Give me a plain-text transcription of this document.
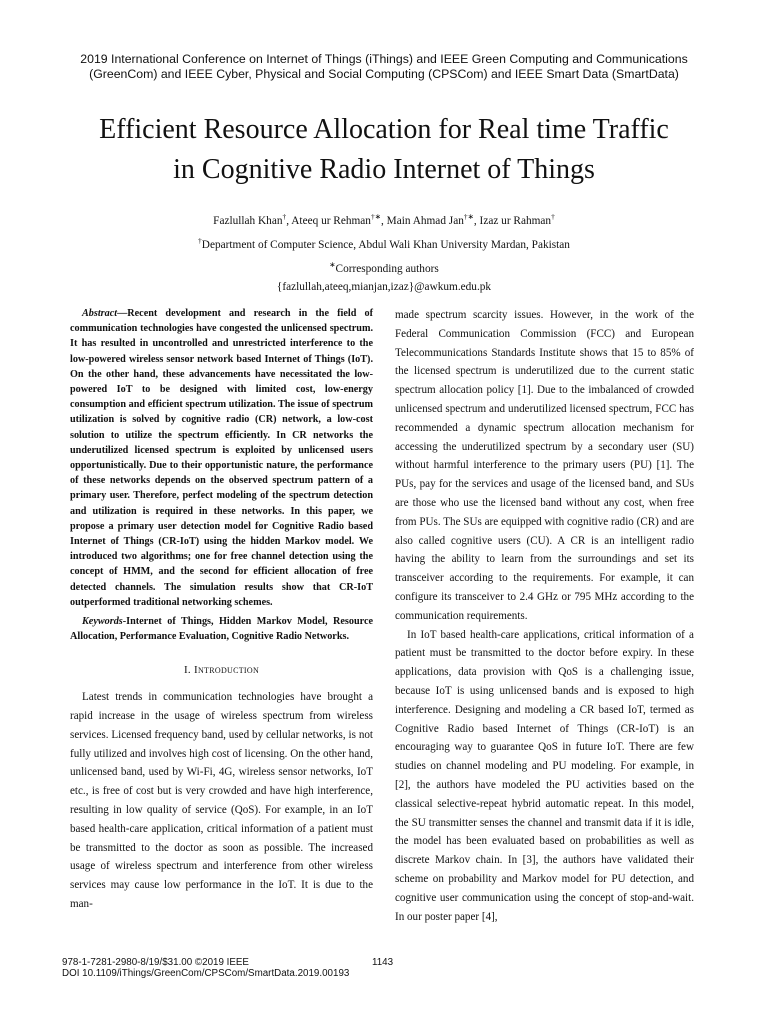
2019 International Conference on Internet of Things (iThings) and IEEE Green Computing and Communications
(GreenCom) and IEEE Cyber, Physical and Social Computing (CPSCom) and IEEE Smart Data (SmartData)
Efficient Resource Allocation for Real time Traffic
in Cognitive Radio Internet of Things
Fazlullah Khan†, Ateeq ur Rehman†∗, Main Ahmad Jan†∗, Izaz ur Rahman†
†Department of Computer Science, Abdul Wali Khan University Mardan, Pakistan
∗Corresponding authors
{fazlullah,ateeq,mianjan,izaz}@awkum.edu.pk

Abstract—Recent development and research in the field of communication technologies have congested the unlicensed spectrum. It has resulted in uncontrolled and unrestricted interference to the low-powered wireless sensor network based Internet of Things (IoT). On the other hand, these advancements have necessitated the low-powered IoT to be designed with limited cost, low-energy consumption and efficient spectrum utilization. The issue of spectrum utilization is solved by cognitive radio (CR) network, a low-cost solution to utilize the spectrum efficiently. In CR networks the underutilized licensed spectrum is exploited by unlicensed users opportunistically. Due to their opportunistic nature, the performance of these networks depends on the observed spectrum pattern of a primary user. Therefore, perfect modeling of the spectrum detection and utilization is required in these networks. In this paper, we propose a primary user detection model for Cognitive Radio based Internet of Things (CR-IoT) using the hidden Markov model. We introduced two algorithms; one for free channel detection using the concept of HMM, and the second for efficient allocation of free detected channels. The simulation results show that CR-IoT outperformed traditional networking schemes.

Keywords-Internet of Things, Hidden Markov Model, Resource Allocation, Performance Evaluation, Cognitive Radio Networks.

I. Introduction

Latest trends in communication technologies have brought a rapid increase in the usage of wireless spectrum from wireless services. Licensed frequency band, used by cellular networks, is not fully utilized and involves high cost of licensing. On the other hand, unlicensed band, used by Wi-Fi, 4G, wireless sensor networks, IoT etc., is free of cost but is very crowded and have high interference, resulting in low quality of service (QoS). For example, in an IoT based health-care application, critical information of a patient must be transmitted to the doctor as soon as possible. The increased usage of wireless spectrum and interference from other wireless services may cause low performance in the IoT. It is due to the man-

made spectrum scarcity issues. However, in the work of the Federal Communication Commission (FCC) and European Telecommunications Standards Institute shows that 15 to 85% of the licensed spectrum is underutilized due to the current static spectrum allocation policy [1]. Due to the imbalanced of crowded unlicensed spectrum and underutilized licensed spectrum, FCC has recommended a dynamic spectrum allocation mechanism for accessing the underutilized spectrum by a secondary user (SU) without harmful interference to the primary users (PU) [1]. The PUs, pay for the services and usage of the licensed band, and SUs are those who use the licensed band without any cost, when free from PUs. The SUs are equipped with cognitive radio (CR) and are also called cognitive users (CU). A CR is an intelligent radio having the ability to learn from the surroundings and set its transceiver according to the requirements. For example, it can configure its transceiver to 2.4 GHz or 795 MHz according to the communication requirements.

In IoT based health-care applications, critical information of a patient must be transmitted to the doctor before expiry. In these applications, data provision with QoS is a challenging issue, because IoT is using unlicensed bands and is exposed to high interference. Designing and modeling a CR based IoT, termed as Cognitive Radio based Internet of Things (CR-IoT) is an encouraging way to guarantee QoS in future IoT. There are few studies on channel modeling and PU modeling. For example, in [2], the authors have modeled the PU activities based on the classical selective-repeat hybrid automatic repeat. In this model, the SU transmitter senses the channel and transmit data if it is idle, the model has been evaluated based on probabilities as well as discrete Markov chain. In [3], the authors have validated their scheme on probability and Markov model for PU detection, and cognitive user communication using the concept of stop-and-wait. In our poster paper [4],

978-1-7281-2980-8/19/$31.00 ©2019 IEEE
DOI 10.1109/iThings/GreenCom/CPSCom/SmartData.2019.00193
1143
